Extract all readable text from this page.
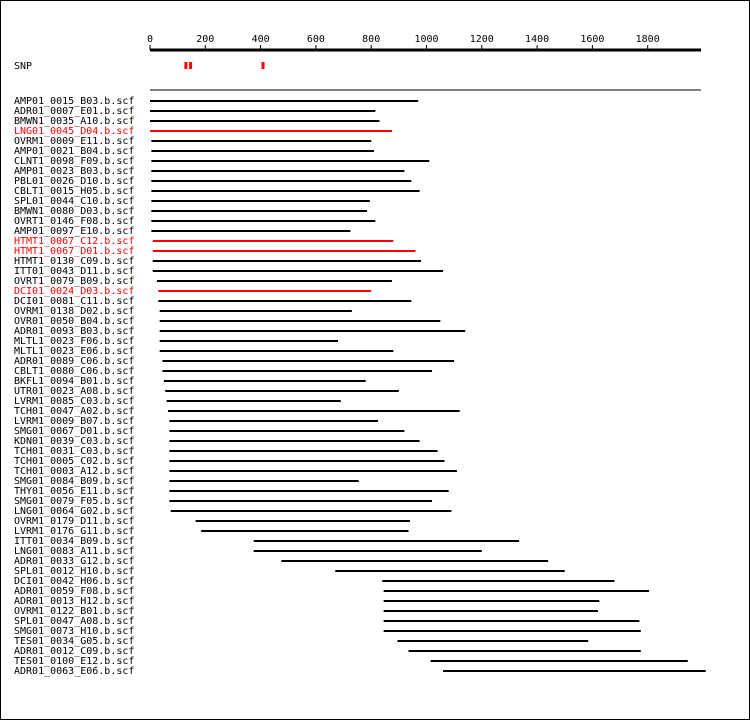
0	200	400	600	800	1000	1200	1400	1600	1800
SNP
AMP01_0015_B03.b.scf
ADR01_0007_E01.b.scf
BMWN1_0035_A10.b.scf
LNG01_0045_D04.b.scf
OVRM1_0009_E11.b.scf
AMP01_0021_B04.b.scf
CLNT1_0098_F09.b.scf
AMP01_0023_B03.b.scf
PBL01_0026_D10.b.scf
CBLT1_0015_H05.b.scf
SPL01_0044_C10.b.scf
BMWN1_0080_D03.b.scf
OVRT1_0146_F08.b.scf
AMP01_0097_E10.b.scf
HTMT1_0067_C12.b.scf
HTMT1_0067_D01.b.scf
HTMT1_0130_C09.b.scf
ITT01_0043_D11.b.scf
OVRT1_0079_B09.b.scf
DCI01_0024_D03.b.scf
DCI01_0081_C11.b.scf
OVRM1_0138_D02.b.scf
OVR01_0050_B04.b.scf
ADR01_0093_B03.b.scf
MLTL1_0023_F06.b.scf
MLTL1_0023_E06.b.scf
ADR01_0089_C06.b.scf
CBLT1_0080_C06.b.scf
BKFL1_0094_B01.b.scf
UTR01_0023_A08.b.scf
LVRM1_0085_C03.b.scf
TCH01_0047_A02.b.scf
LVRM1_0009_B07.b.scf
SMG01_0067_D01.b.scf
KDN01_0039_C03.b.scf
TCH01_0031_C03.b.scf
TCH01_0005_C02.b.scf
TCH01_0003_A12.b.scf
SMG01_0084_B09.b.scf
THY01_0056_E11.b.scf
SMG01_0079_F05.b.scf
LNG01_0064_G02.b.scf
OVRM1_0179_D11.b.scf
LVRM1_0176_G11.b.scf
ITT01_0034_B09.b.scf
LNG01_0083_A11.b.scf
ADR01_0033_G12.b.scf
SPL01_0012_H10.b.scf
DCI01_0042_H06.b.scf
ADR01_0059_F08.b.scf
ADR01_0013_H12.b.scf
OVRM1_0122_B01.b.scf
SPL01_0047_A08.b.scf
SMG01_0073_H10.b.scf
TES01_0034_G05.b.scf
ADR01_0012_C09.b.scf
TES01_0100_E12.b.scf
ADR01_0063_E06.b.scf
